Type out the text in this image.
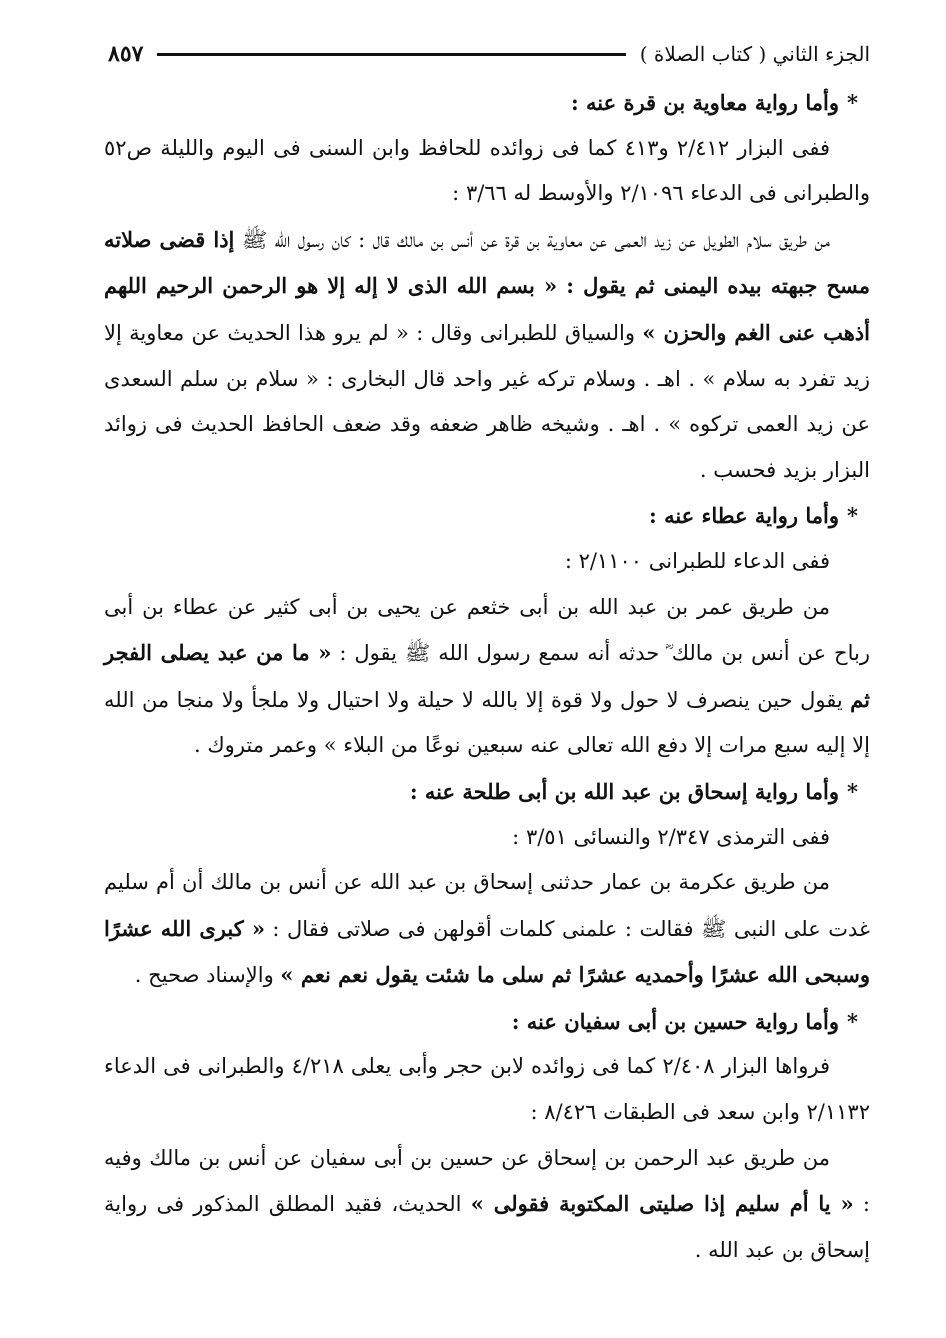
الجزء الثاني ( كتاب الصلاة )
٨٥٧

*وأما رواية معاوية بن قرة عنه :

ففى البزار ٢/٤١٢ و٤١٣ كما فى زوائده للحافظ وابن السنى فى اليوم والليلة ص٥٢ والطبرانى فى الدعاء ٢/١٠٩٦ والأوسط له ٣/٦٦ :

من طريق سلام الطويل عن زيد العمى عن معاوية بن قرة عن أنس بن مالك قال : كان رسول الله ﷺ إذا قضى صلاته مسح جبهته بيده اليمنى ثم يقول : « بسم الله الذى لا إله إلا هو الرحمن الرحيم اللهم أذهب عنى الغم والحزن » والسياق للطبرانى وقال : « لم يرو هذا الحديث عن معاوية إلا زيد تفرد به سلام » . اهـ . وسلام تركه غير واحد قال البخارى : « سلام بن سلم السعدى عن زيد العمى تركوه » . اهـ . وشيخه ظاهر ضعفه وقد ضعف الحافظ الحديث فى زوائد البزار بزيد فحسب .

*وأما رواية عطاء عنه :

ففى الدعاء للطبرانى ٢/١١٠٠ :

من طريق عمر بن عبد الله بن أبى خثعم عن يحيى بن أبى كثير عن عطاء بن أبى رباح عن أنس بن مالك ؓ حدثه أنه سمع رسول الله ﷺ يقول : « ما من عبد يصلى الفجر ثم يقول حين ينصرف لا حول ولا قوة إلا بالله لا حيلة ولا احتيال ولا ملجأ ولا منجا من الله إلا إليه سبع مرات إلا دفع الله تعالى عنه سبعين نوعًا من البلاء » وعمر متروك .

*وأما رواية إسحاق بن عبد الله بن أبى طلحة عنه :

ففى الترمذى ٢/٣٤٧ والنسائى ٣/٥١ :

من طريق عكرمة بن عمار حدثنى إسحاق بن عبد الله عن أنس بن مالك أن أم سليم غدت على النبى ﷺ فقالت : علمنى كلمات أقولهن فى صلاتى فقال : « كبرى الله عشرًا وسبحى الله عشرًا وأحمديه عشرًا ثم سلى ما شئت يقول نعم نعم » والإسناد صحيح .

*وأما رواية حسين بن أبى سفيان عنه :

فرواها البزار ٢/٤٠٨ كما فى زوائده لابن حجر وأبى يعلى ٤/٢١٨ والطبرانى فى الدعاء ٢/١١٣٢ وابن سعد فى الطبقات ٨/٤٢٦ :

من طريق عبد الرحمن بن إسحاق عن حسين بن أبى سفيان عن أنس بن مالك وفيه : « يا أم سليم إذا صليتى المكتوبة فقولى » الحديث، فقيد المطلق المذكور فى رواية إسحاق بن عبد الله .
